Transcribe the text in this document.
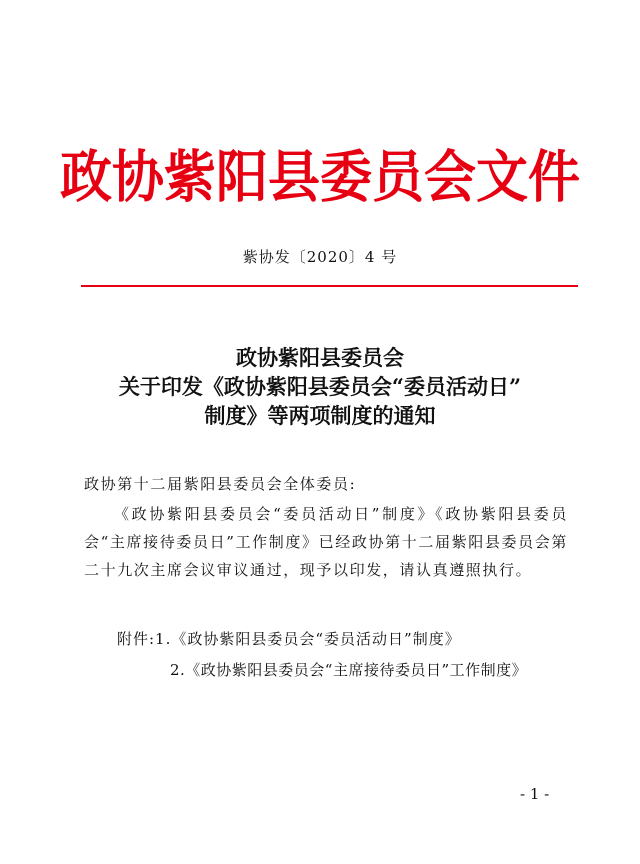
政协紫阳县委员会文件
紫协发〔2020〕4 号
政协紫阳县委员会
关于印发《政协紫阳县委员会“委员活动日”
制度》等两项制度的通知
政协第十二届紫阳县委员会全体委员:
《政协紫阳县委员会“委员活动日”制度》《政协紫阳县委员会“主席接待委员日”工作制度》已经政协第十二届紫阳县委员会第二十九次主席会议审议通过，现予以印发，请认真遵照执行。
附件:1.《政协紫阳县委员会“委员活动日”制度》
2.《政协紫阳县委员会“主席接待委员日”工作制度》
- 1 -
